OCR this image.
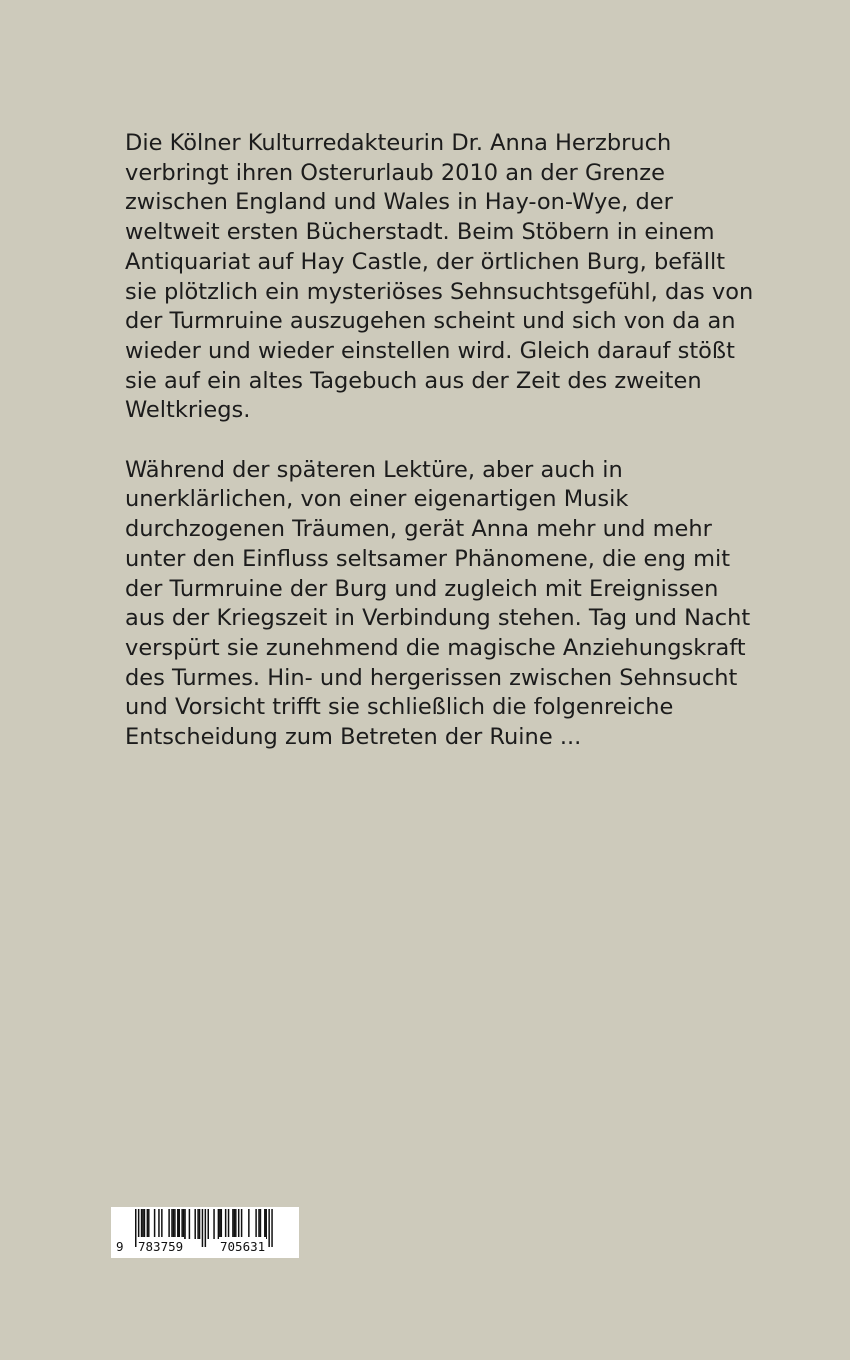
Die Kölner Kulturredakteurin Dr. Anna Herzbruch
verbringt ihren Osterurlaub 2010 an der Grenze
zwischen England und Wales in Hay-on-Wye, der
weltweit ersten Bücherstadt. Beim Stöbern in einem
Antiquariat auf Hay Castle, der örtlichen Burg, befällt
sie plötzlich ein mysteriöses Sehnsuchtsgefühl, das von
der Turmruine auszugehen scheint und sich von da an
wieder und wieder einstellen wird. Gleich darauf stößt
sie auf ein altes Tagebuch aus der Zeit des zweiten
Weltkriegs.

Während der späteren Lektüre, aber auch in
unerklärlichen, von einer eigenartigen Musik
durchzogenen Träumen, gerät Anna mehr und mehr
unter den Einfluss seltsamer Phänomene, die eng mit
der Turmruine der Burg und zugleich mit Ereignissen
aus der Kriegszeit in Verbindung stehen. Tag und Nacht
verspürt sie zunehmend die magische Anziehungskraft
des Turmes. Hin- und hergerissen zwischen Sehnsucht
und Vorsicht trifft sie schließlich die folgenreiche
Entscheidung zum Betreten der Ruine ...

9 783759	705631
